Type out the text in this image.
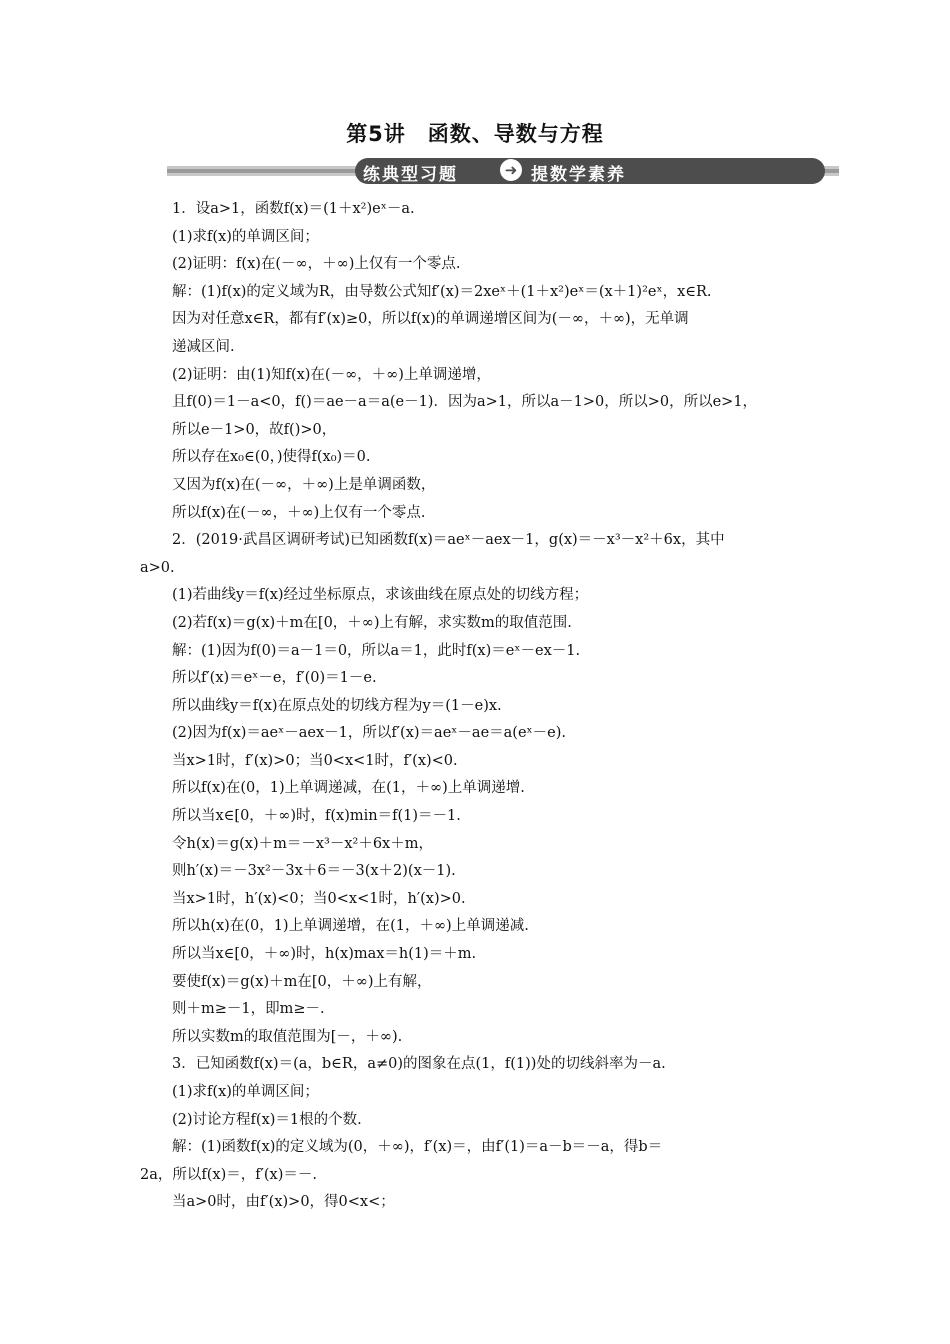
第5讲　函数、导数与方程
练典型习题	➜ 提数学素养
1．设a>1，函数f(x)＝(1＋x²)eˣ－a.
(1)求f(x)的单调区间；
(2)证明：f(x)在(－∞，＋∞)上仅有一个零点.
解：(1)f(x)的定义域为R，由导数公式知f′(x)＝2xeˣ＋(1＋x²)eˣ＝(x＋1)²eˣ，x∈R.
因为对任意x∈R，都有f′(x)≥0，所以f(x)的单调递增区间为(－∞，＋∞)，无单调
递减区间.
(2)证明：由(1)知f(x)在(－∞，＋∞)上单调递增，
且f(0)＝1－a<0，f()＝ae－a＝a(e－1)．因为a>1，所以a－1>0，所以>0，所以e>1，
所以e－1>0，故f()>0，
所以存在x₀∈(0，)使得f(x₀)＝0.
又因为f(x)在(－∞，＋∞)上是单调函数，
所以f(x)在(－∞，＋∞)上仅有一个零点.
2．(2019·武昌区调研考试)已知函数f(x)＝aeˣ－aex－1，g(x)＝－x³－x²＋6x，其中
a>0.
(1)若曲线y＝f(x)经过坐标原点，求该曲线在原点处的切线方程；
(2)若f(x)＝g(x)＋m在[0，＋∞)上有解，求实数m的取值范围.
解：(1)因为f(0)＝a－1＝0，所以a＝1，此时f(x)＝eˣ－ex－1.
所以f′(x)＝eˣ－e，f′(0)＝1－e.
所以曲线y＝f(x)在原点处的切线方程为y＝(1－e)x.
(2)因为f(x)＝aeˣ－aex－1，所以f′(x)＝aeˣ－ae＝a(eˣ－e).
当x>1时，f′(x)>0；当0<x<1时，f′(x)<0.
所以f(x)在(0，1)上单调递减，在(1，＋∞)上单调递增.
所以当x∈[0，＋∞)时，f(x)min＝f(1)＝－1.
令h(x)＝g(x)＋m＝－x³－x²＋6x＋m，
则h′(x)＝－3x²－3x＋6＝－3(x＋2)(x－1).
当x>1时，h′(x)<0；当0<x<1时，h′(x)>0.
所以h(x)在(0，1)上单调递增，在(1，＋∞)上单调递减.
所以当x∈[0，＋∞)时，h(x)max＝h(1)＝＋m.
要使f(x)＝g(x)＋m在[0，＋∞)上有解，
则＋m≥－1，即m≥－.
所以实数m的取值范围为[－，＋∞).
3．已知函数f(x)＝(a，b∈R，a≠0)的图象在点(1，f(1))处的切线斜率为－a.
(1)求f(x)的单调区间；
(2)讨论方程f(x)＝1根的个数.
解：(1)函数f(x)的定义域为(0，＋∞)，f′(x)＝，由f′(1)＝a－b＝－a，得b＝
2a，所以f(x)＝，f′(x)＝－.
当a>0时，由f′(x)>0，得0<x<；
